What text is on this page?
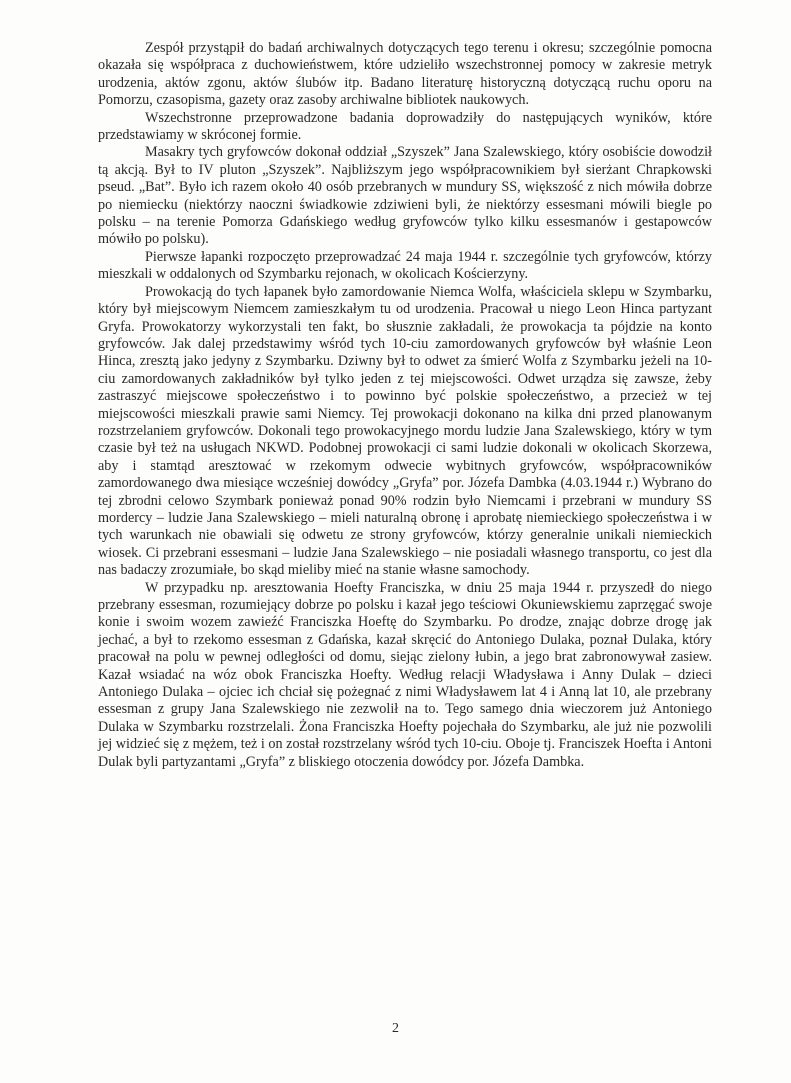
Zespół przystąpił do badań archiwalnych dotyczących tego terenu i okresu; szczególnie pomocna okazała się współpraca z duchowieństwem, które udzieliło wszechstronnej pomocy w zakresie metryk urodzenia, aktów zgonu, aktów ślubów itp. Badano literaturę historyczną dotyczącą ruchu oporu na Pomorzu, czasopisma, gazety oraz zasoby archiwalne bibliotek naukowych.

Wszechstronne przeprowadzone badania doprowadziły do następujących wyników, które przedstawiamy w skróconej formie.

Masakry tych gryfowców dokonał oddział „Szyszek” Jana Szalewskiego, który osobiście dowodził tą akcją. Był to IV pluton „Szyszek”. Najbliższym jego współpracownikiem był sierżant Chrapkowski pseud. „Bat”. Było ich razem około 40 osób przebranych w mundury SS, większość z nich mówiła dobrze po niemiecku (niektórzy naoczni świadkowie zdziwieni byli, że niektórzy essesmani mówili biegle po polsku – na terenie Pomorza Gdańskiego według gryfowców tylko kilku essesmanów i gestapowców mówiło po polsku).

Pierwsze łapanki rozpoczęto przeprowadzać 24 maja 1944 r. szczególnie tych gryfowców, którzy mieszkali w oddalonych od Szymbarku rejonach, w okolicach Kościerzyny.

Prowokacją do tych łapanek było zamordowanie Niemca Wolfa, właściciela sklepu w Szymbarku, który był miejscowym Niemcem zamieszkałym tu od urodzenia. Pracował u niego Leon Hinca partyzant Gryfa. Prowokatorzy wykorzystali ten fakt, bo słusznie zakładali, że prowokacja ta pójdzie na konto gryfowców. Jak dalej przedstawimy wśród tych 10-ciu zamordowanych gryfowców był właśnie Leon Hinca, zresztą jako jedyny z Szymbarku. Dziwny był to odwet za śmierć Wolfa z Szymbarku jeżeli na 10-ciu zamordowanych zakładników był tylko jeden z tej miejscowości. Odwet urządza się zawsze, żeby zastraszyć miejscowe społeczeństwo i to powinno być polskie społeczeństwo, a przecież w tej miejscowości mieszkali prawie sami Niemcy. Tej prowokacji dokonano na kilka dni przed planowanym rozstrzelaniem gryfowców. Dokonali tego prowokacyjnego mordu ludzie Jana Szalewskiego, który w tym czasie był też na usługach NKWD. Podobnej prowokacji ci sami ludzie dokonali w okolicach Skorzewa, aby i stamtąd aresztować w rzekomym odwecie wybitnych gryfowców, współpracowników zamordowanego dwa miesiące wcześniej dowódcy „Gryfa” por. Józefa Dambka (4.03.1944 r.) Wybrano do tej zbrodni celowo Szymbark ponieważ ponad 90% rodzin było Niemcami i przebrani w mundury SS mordercy – ludzie Jana Szalewskiego – mieli naturalną obronę i aprobatę niemieckiego społeczeństwa i w tych warunkach nie obawiali się odwetu ze strony gryfowców, którzy generalnie unikali niemieckich wiosek. Ci przebrani essesmani – ludzie Jana Szalewskiego – nie posiadali własnego transportu, co jest dla nas badaczy zrozumiałe, bo skąd mieliby mieć na stanie własne samochody.

W przypadku np. aresztowania Hoefty Franciszka, w dniu 25 maja 1944 r. przyszedł do niego przebrany essesman, rozumiejący dobrze po polsku i kazał jego teściowi Okuniewskiemu zaprzęgać swoje konie i swoim wozem zawieźć Franciszka Hoeftę do Szymbarku. Po drodze, znając dobrze drogę jak jechać, a był to rzekomo essesman z Gdańska, kazał skręcić do Antoniego Dulaka, poznał Dulaka, który pracował na polu w pewnej odległości od domu, siejąc zielony łubin, a jego brat zabronowywał zasiew. Kazał wsiadać na wóz obok Franciszka Hoefty. Według relacji Władysława i Anny Dulak – dzieci Antoniego Dulaka – ojciec ich chciał się pożegnać z nimi Władysławem lat 4 i Anną lat 10, ale przebrany essesman z grupy Jana Szalewskiego nie zezwolił na to. Tego samego dnia wieczorem już Antoniego Dulaka w Szymbarku rozstrzelali. Żona Franciszka Hoefty pojechała do Szymbarku, ale już nie pozwolili jej widzieć się z mężem, też i on został rozstrzelany wśród tych 10-ciu. Oboje tj. Franciszek Hoefta i Antoni Dulak byli partyzantami „Gryfa” z bliskiego otoczenia dowódcy por. Józefa Dambka.

2
